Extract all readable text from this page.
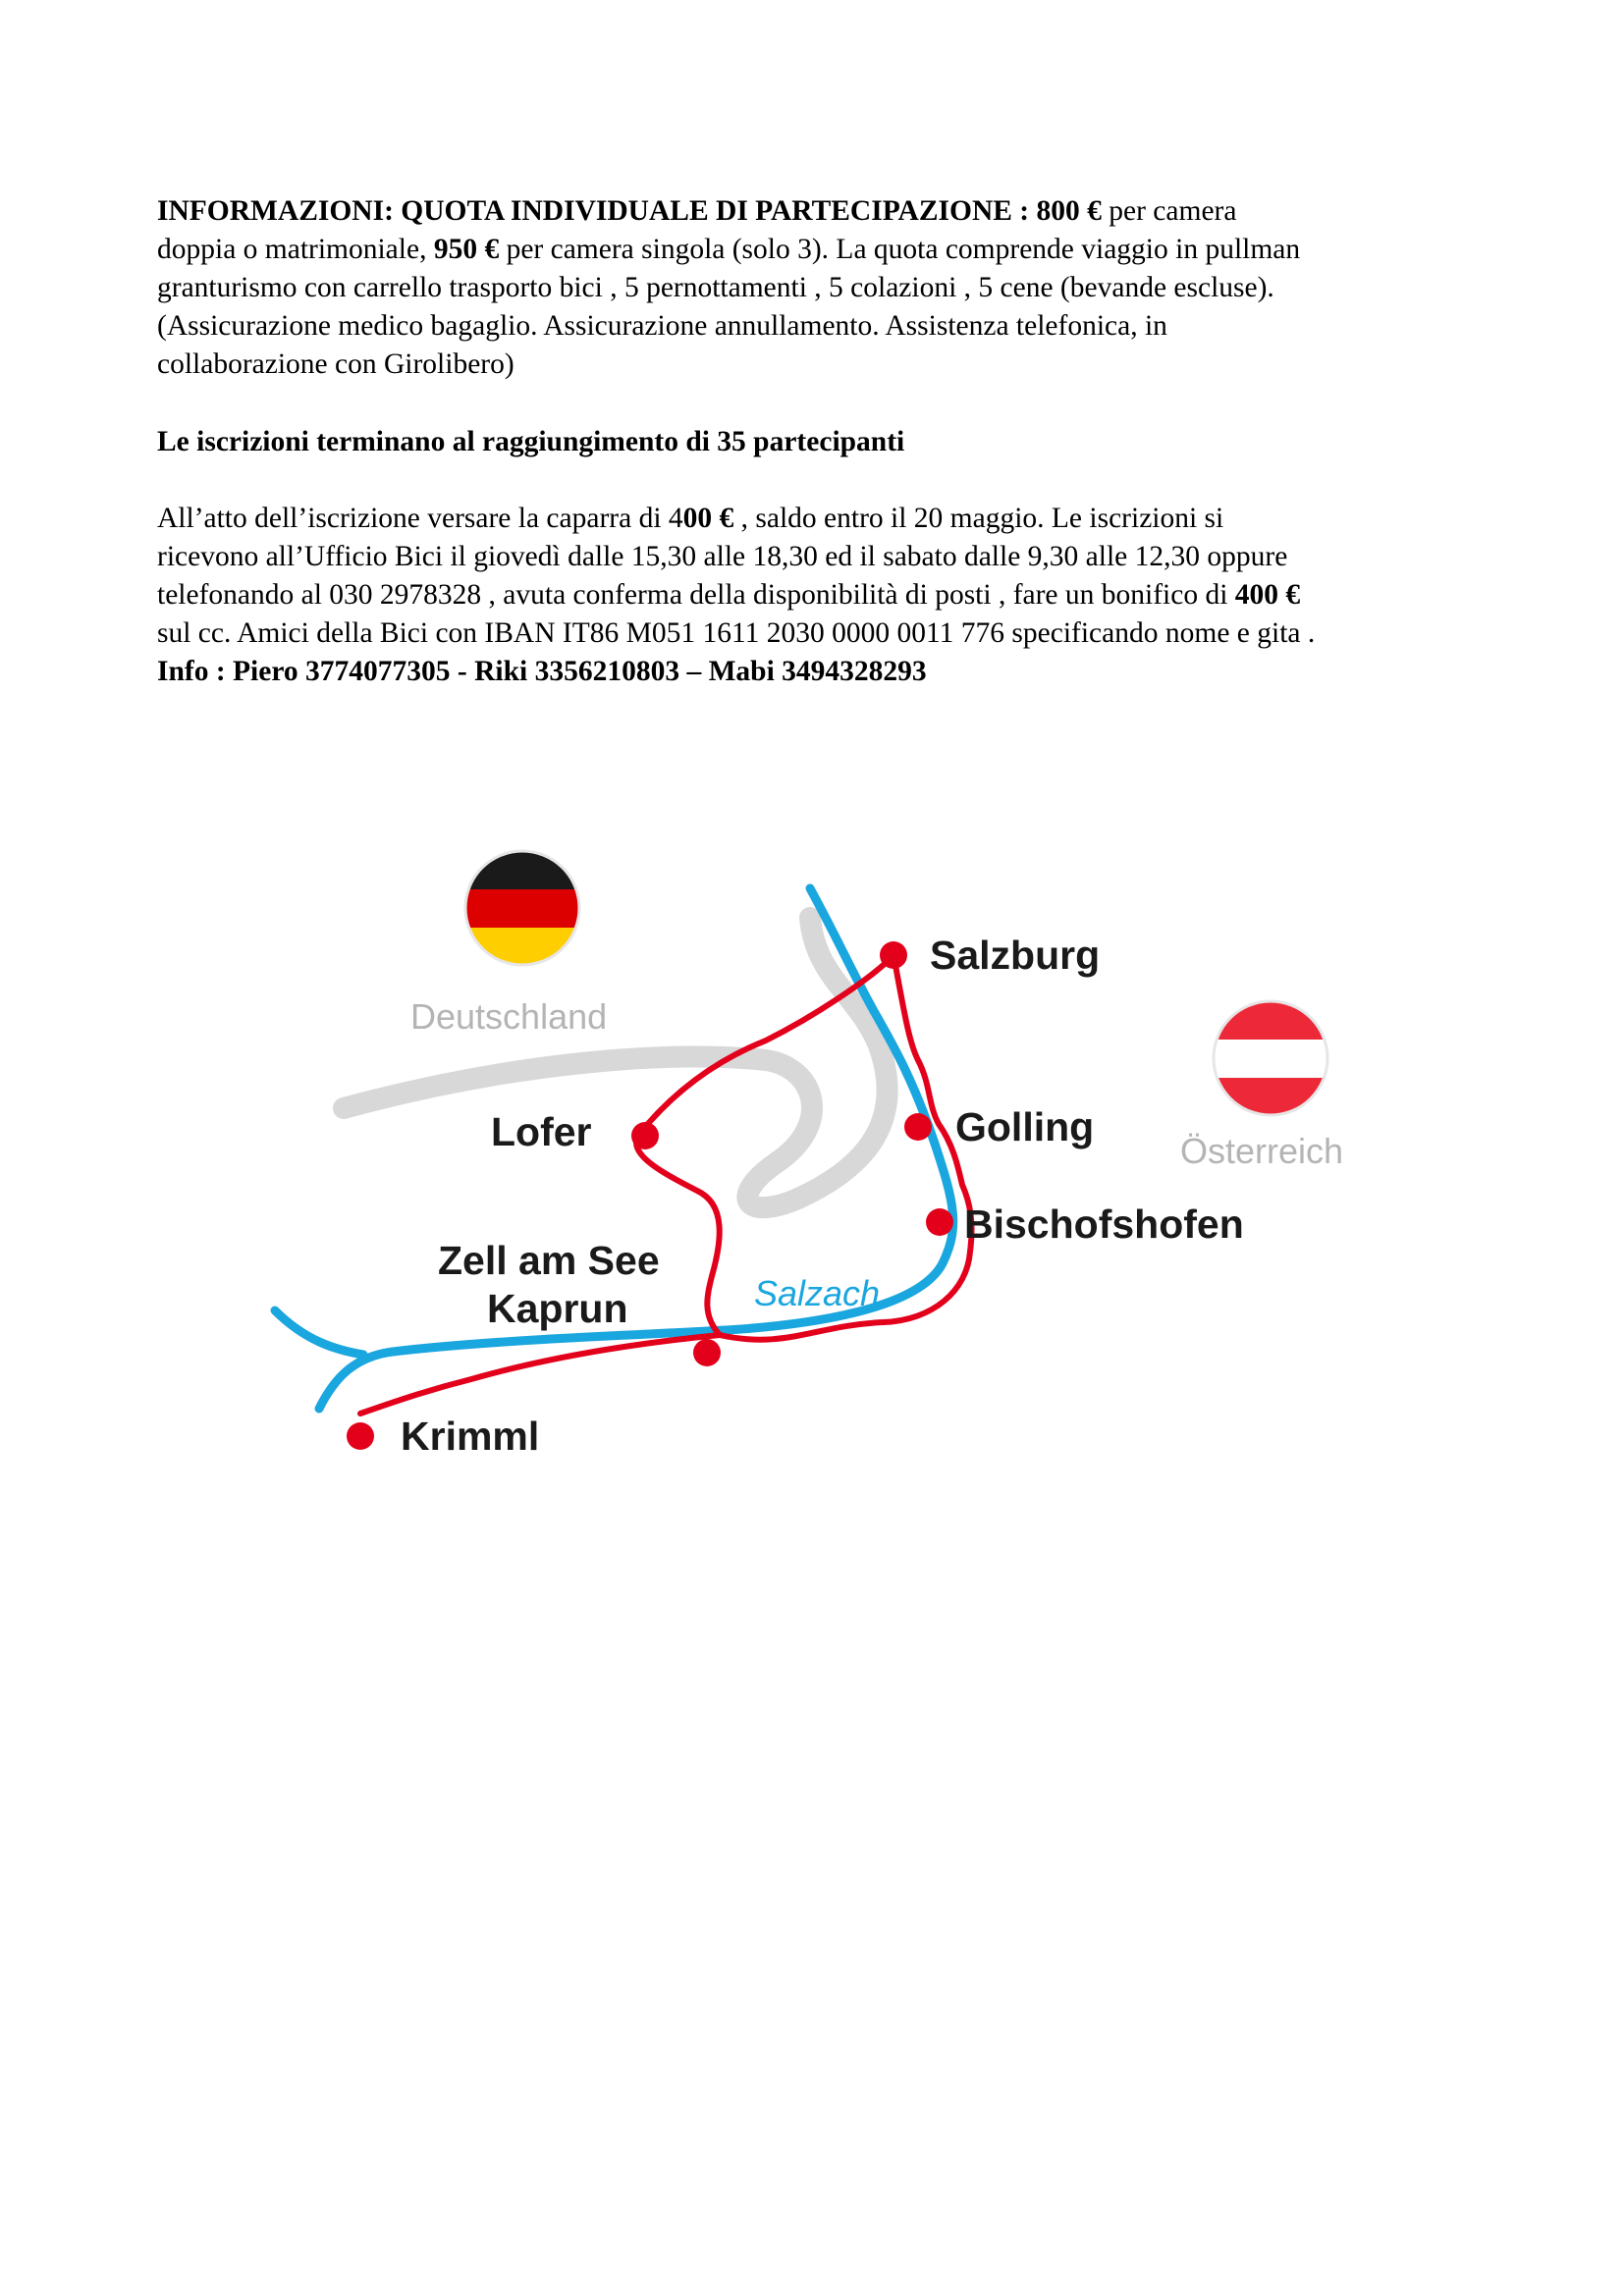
INFORMAZIONI: QUOTA INDIVIDUALE DI PARTECIPAZIONE : 800 € per camera
doppia o matrimoniale, 950 € per camera singola (solo 3). La quota comprende viaggio in pullman
granturismo con carrello trasporto bici , 5 pernottamenti , 5 colazioni , 5 cene (bevande escluse).
(Assicurazione medico bagaglio. Assicurazione annullamento. Assistenza telefonica, in
collaborazione con Girolibero)
Le iscrizioni terminano al raggiungimento di 35 partecipanti
All’atto dell’iscrizione versare la caparra di 400 € , saldo entro il 20 maggio. Le iscrizioni si
ricevono all’Ufficio Bici il giovedì dalle 15,30 alle 18,30 ed il sabato dalle 9,30 alle 12,30 oppure
telefonando al 030 2978328 , avuta conferma della disponibilità di posti , fare un bonifico di 400 €
sul cc. Amici della Bici con IBAN IT86 M051 1611 2030 0000 0011 776 specificando nome e gita .
Info : Piero 3774077305 - Riki 3356210803 – Mabi 3494328293
Salzburg
Golling
Bischofshofen
Lofer
Zell am See
Kaprun
Krimml
Salzach
Deutschland
Österreich
